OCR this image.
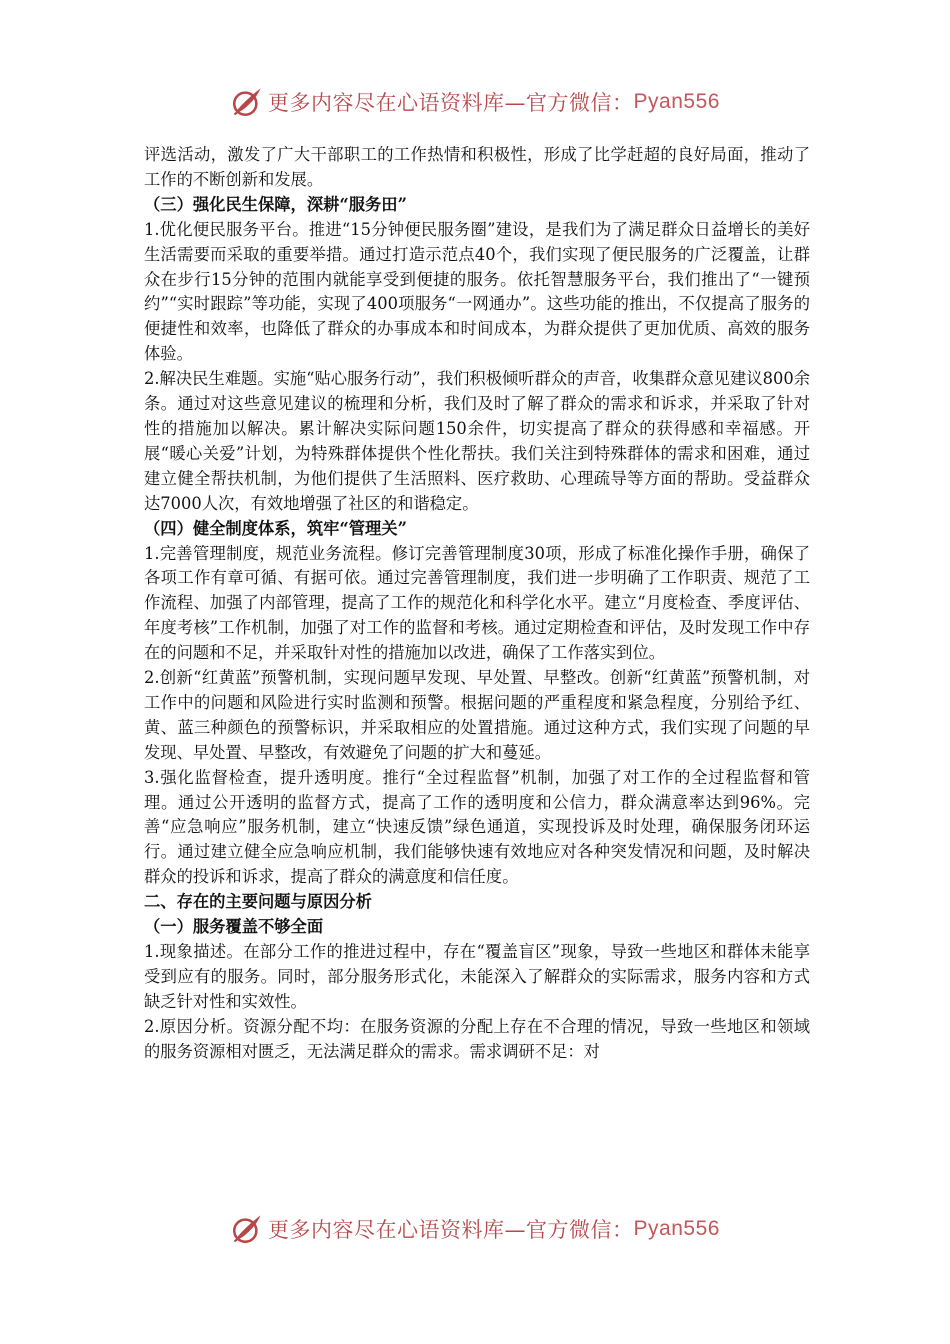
更多内容尽在心语资料库—官方微信： Pyan556

评选活动，激发了广大干部职工的工作热情和积极性，形成了比学赶超的良好局面，推动了工作的不断创新和发展。

（三）强化民生保障，深耕“服务田”

1.优化便民服务平台。推进“15分钟便民服务圈”建设，是我们为了满足群众日益增长的美好生活需要而采取的重要举措。通过打造示范点40个，我们实现了便民服务的广泛覆盖，让群众在步行15分钟的范围内就能享受到便捷的服务。依托智慧服务平台，我们推出了“一键预约”“实时跟踪”等功能，实现了400项服务“一网通办”。这些功能的推出，不仅提高了服务的便捷性和效率，也降低了群众的办事成本和时间成本，为群众提供了更加优质、高效的服务体验。

2.解决民生难题。实施“贴心服务行动”，我们积极倾听群众的声音，收集群众意见建议800余条。通过对这些意见建议的梳理和分析，我们及时了解了群众的需求和诉求，并采取了针对性的措施加以解决。累计解决实际问题150余件，切实提高了群众的获得感和幸福感。开展“暖心关爱”计划，为特殊群体提供个性化帮扶。我们关注到特殊群体的需求和困难，通过建立健全帮扶机制，为他们提供了生活照料、医疗救助、心理疏导等方面的帮助。受益群众达7000人次，有效地增强了社区的和谐稳定。

（四）健全制度体系，筑牢“管理关”

1.完善管理制度，规范业务流程。修订完善管理制度30项，形成了标准化操作手册，确保了各项工作有章可循、有据可依。通过完善管理制度，我们进一步明确了工作职责、规范了工作流程、加强了内部管理，提高了工作的规范化和科学化水平。建立“月度检查、季度评估、年度考核”工作机制，加强了对工作的监督和考核。通过定期检查和评估，及时发现工作中存在的问题和不足，并采取针对性的措施加以改进，确保了工作落实到位。

2.创新“红黄蓝”预警机制，实现问题早发现、早处置、早整改。创新“红黄蓝”预警机制，对工作中的问题和风险进行实时监测和预警。根据问题的严重程度和紧急程度，分别给予红、黄、蓝三种颜色的预警标识，并采取相应的处置措施。通过这种方式，我们实现了问题的早发现、早处置、早整改，有效避免了问题的扩大和蔓延。

3.强化监督检查，提升透明度。推行“全过程监督”机制，加强了对工作的全过程监督和管理。通过公开透明的监督方式，提高了工作的透明度和公信力，群众满意率达到96%。完善“应急响应”服务机制，建立“快速反馈”绿色通道，实现投诉及时处理，确保服务闭环运行。通过建立健全应急响应机制，我们能够快速有效地应对各种突发情况和问题，及时解决群众的投诉和诉求，提高了群众的满意度和信任度。

二、存在的主要问题与原因分析

（一）服务覆盖不够全面

1.现象描述。在部分工作的推进过程中，存在“覆盖盲区”现象，导致一些地区和群体未能享受到应有的服务。同时，部分服务形式化，未能深入了解群众的实际需求，服务内容和方式缺乏针对性和实效性。

2.原因分析。资源分配不均：在服务资源的分配上存在不合理的情况，导致一些地区和领域的服务资源相对匮乏，无法满足群众的需求。需求调研不足：对

更多内容尽在心语资料库—官方微信： Pyan556
